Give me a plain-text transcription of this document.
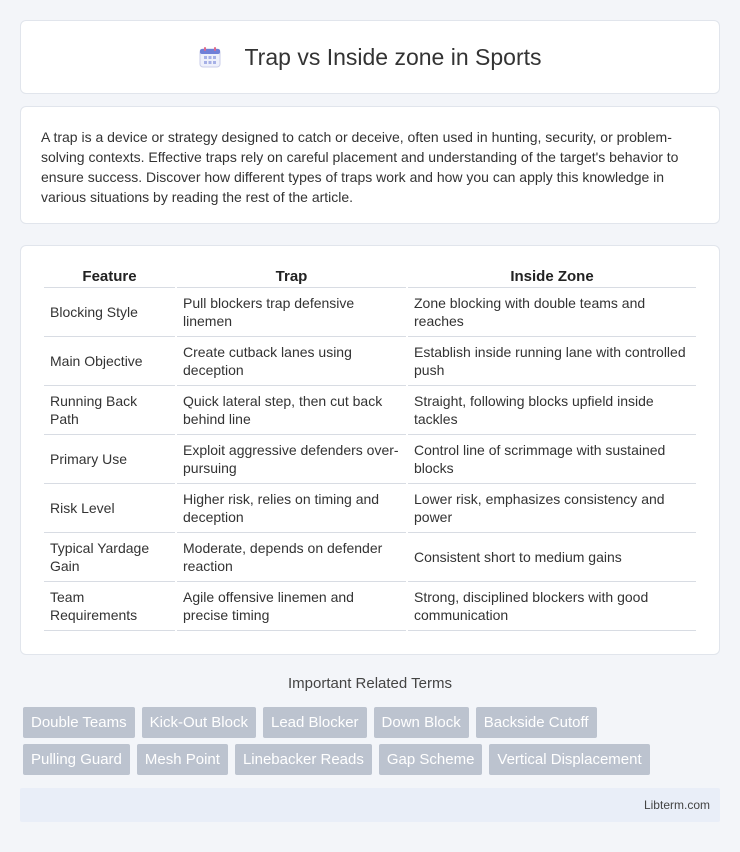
Trap vs Inside zone in Sports

A trap is a device or strategy designed to catch or deceive, often used in hunting, security, or problem-solving contexts. Effective traps rely on careful placement and understanding of the target's behavior to ensure success. Discover how different types of traps work and how you can apply this knowledge in various situations by reading the rest of the article.

Feature	Trap	Inside Zone
Blocking Style	Pull blockers trap defensive linemen	Zone blocking with double teams and reaches
Main Objective	Create cutback lanes using deception	Establish inside running lane with controlled push
Running Back Path	Quick lateral step, then cut back behind line	Straight, following blocks upfield inside tackles
Primary Use	Exploit aggressive defenders over-pursuing	Control line of scrimmage with sustained blocks
Risk Level	Higher risk, relies on timing and deception	Lower risk, emphasizes consistency and power
Typical Yardage Gain	Moderate, depends on defender reaction	Consistent short to medium gains
Team Requirements	Agile offensive linemen and precise timing	Strong, disciplined blockers with good communication
Important Related Terms
Double Teams	Kick-Out Block	Lead Blocker	Down Block	Backside Cutoff
Pulling Guard	Mesh Point	Linebacker Reads	Gap Scheme	Vertical Displacement
Libterm.com
